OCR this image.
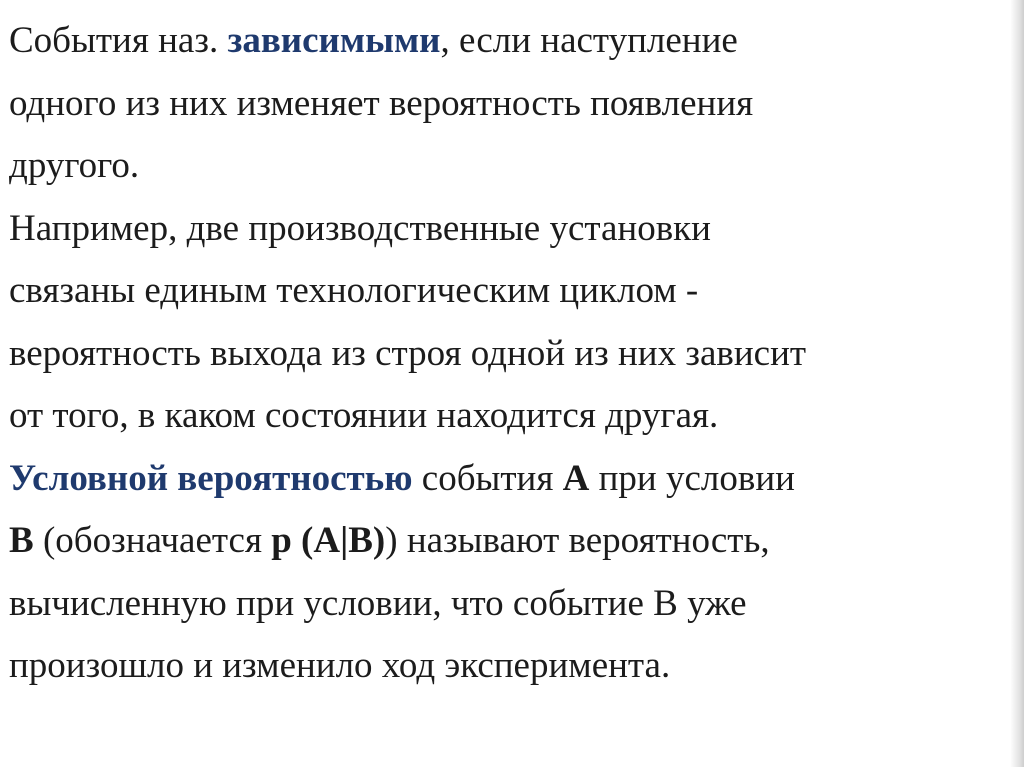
События наз. зависимыми, если наступление
одного из них изменяет вероятность появления
другого.
Например, две производственные установки
связаны единым технологическим циклом -
вероятность выхода из строя одной из них зависит
от того, в каком состоянии находится другая.
Условной вероятностью события А при условии
В (обозначается р (А|В)) называют вероятность,
вычисленную при условии, что событие В уже
произошло и изменило ход эксперимента.
